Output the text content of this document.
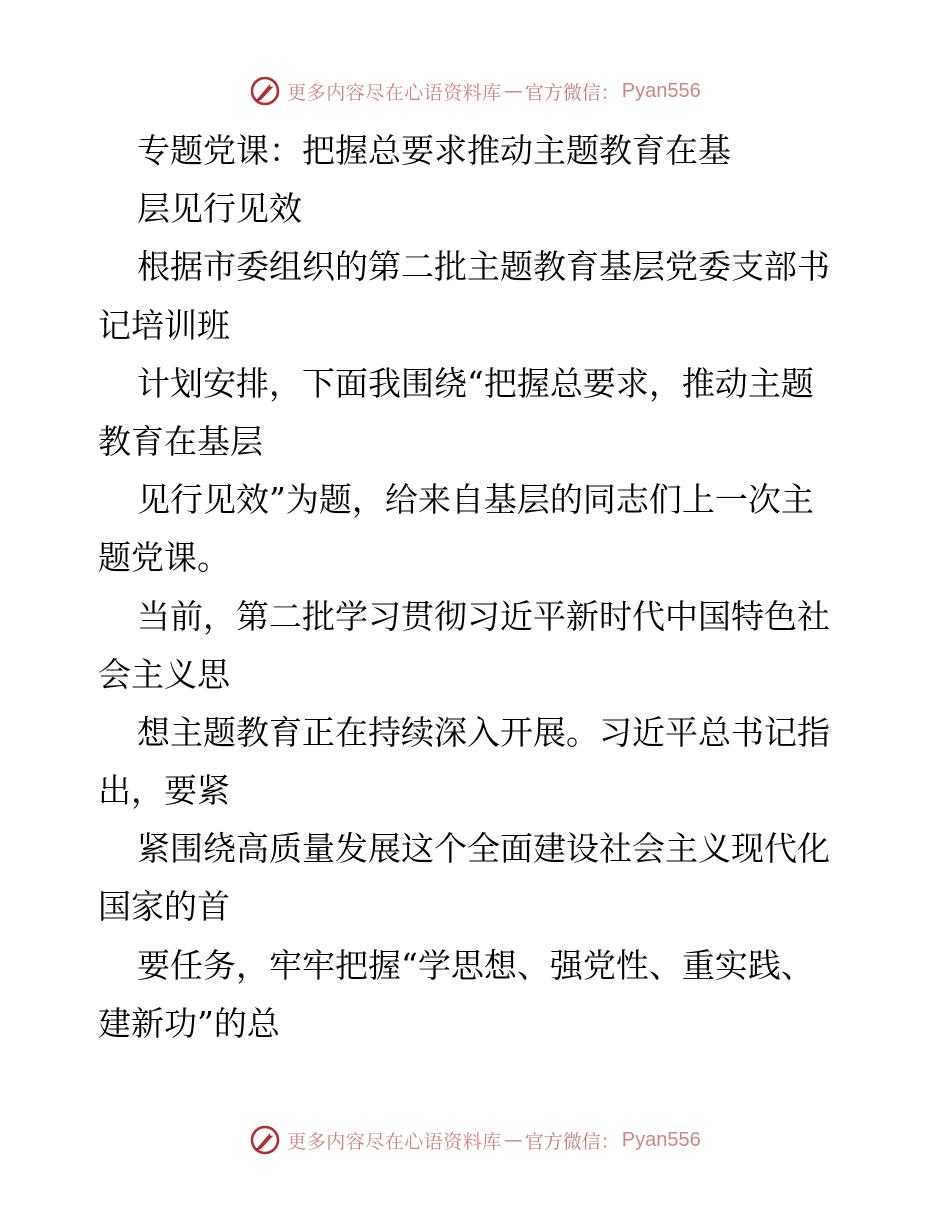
更多内容尽在心语资料库 — 官方微信： Pyan556
专题党课：把握总要求推动主题教育在基
层见行见效
根据市委组织的第二批主题教育基层党委支部书
记培训班
计划安排，下面我围绕“把握总要求，推动主题
教育在基层
见行见效”为题，给来自基层的同志们上一次主
题党课。
当前，第二批学习贯彻习近平新时代中国特色社
会主义思
想主题教育正在持续深入开展。习近平总书记指
出，要紧
紧围绕高质量发展这个全面建设社会主义现代化
国家的首
要任务，牢牢把握“学思想、强党性、重实践、
建新功”的总
更多内容尽在心语资料库 — 官方微信： Pyan556
